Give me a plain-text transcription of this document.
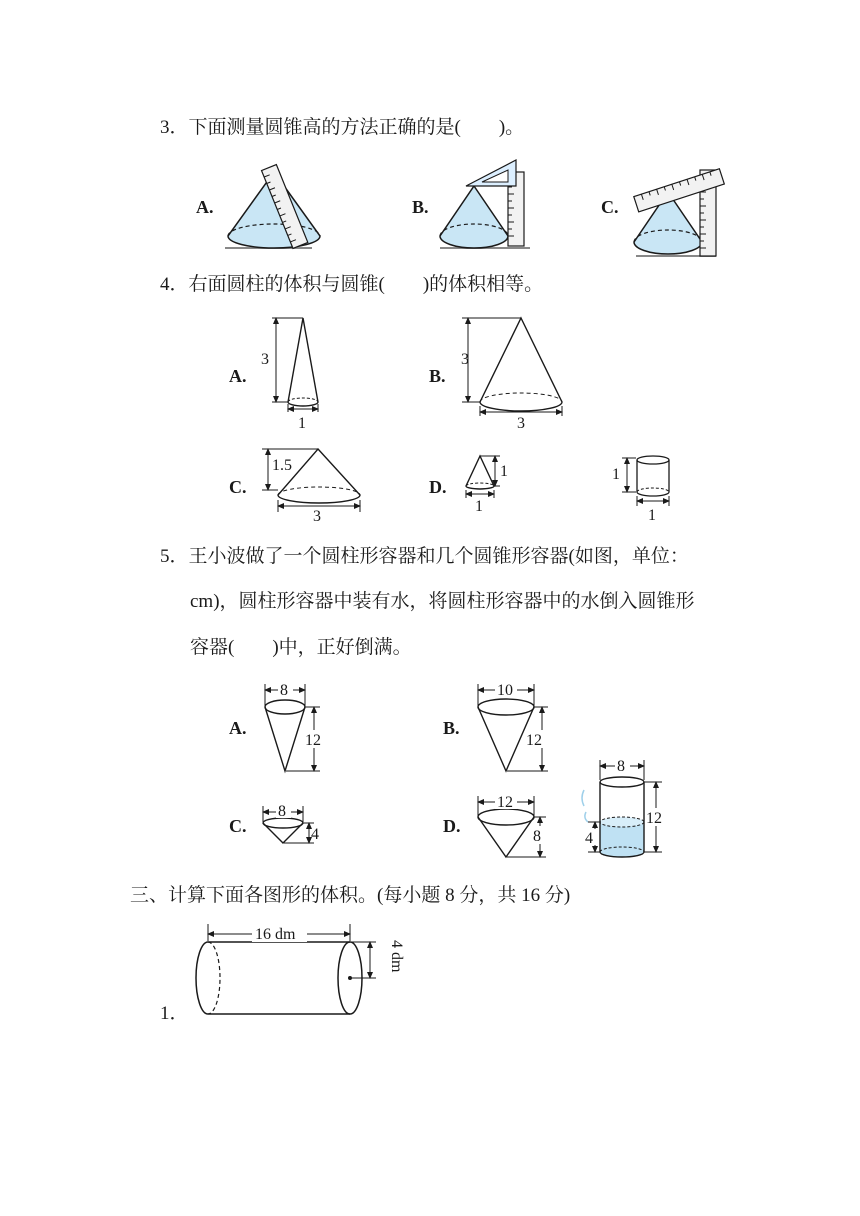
3．下面测量圆锥高的方法正确的是(　　)。
4．右面圆柱的体积与圆锥(　　)的体积相等。
5．王小波做了一个圆柱形容器和几个圆锥形容器(如图，单位：
cm)，圆柱形容器中装有水，将圆柱形容器中的水倒入圆锥形
容器(　　)中，正好倒满。
三、计算下面各图形的体积。(每小题 8 分，共 16 分)
1．
A.	B.	C.
A.
3
1
B.
3
3
C.
1.5
3
D.
1
1
1
1
A.
8
12
B.
10
12
C.
8
4	D.
12
8
8
12
4
16 dm
4 dm
